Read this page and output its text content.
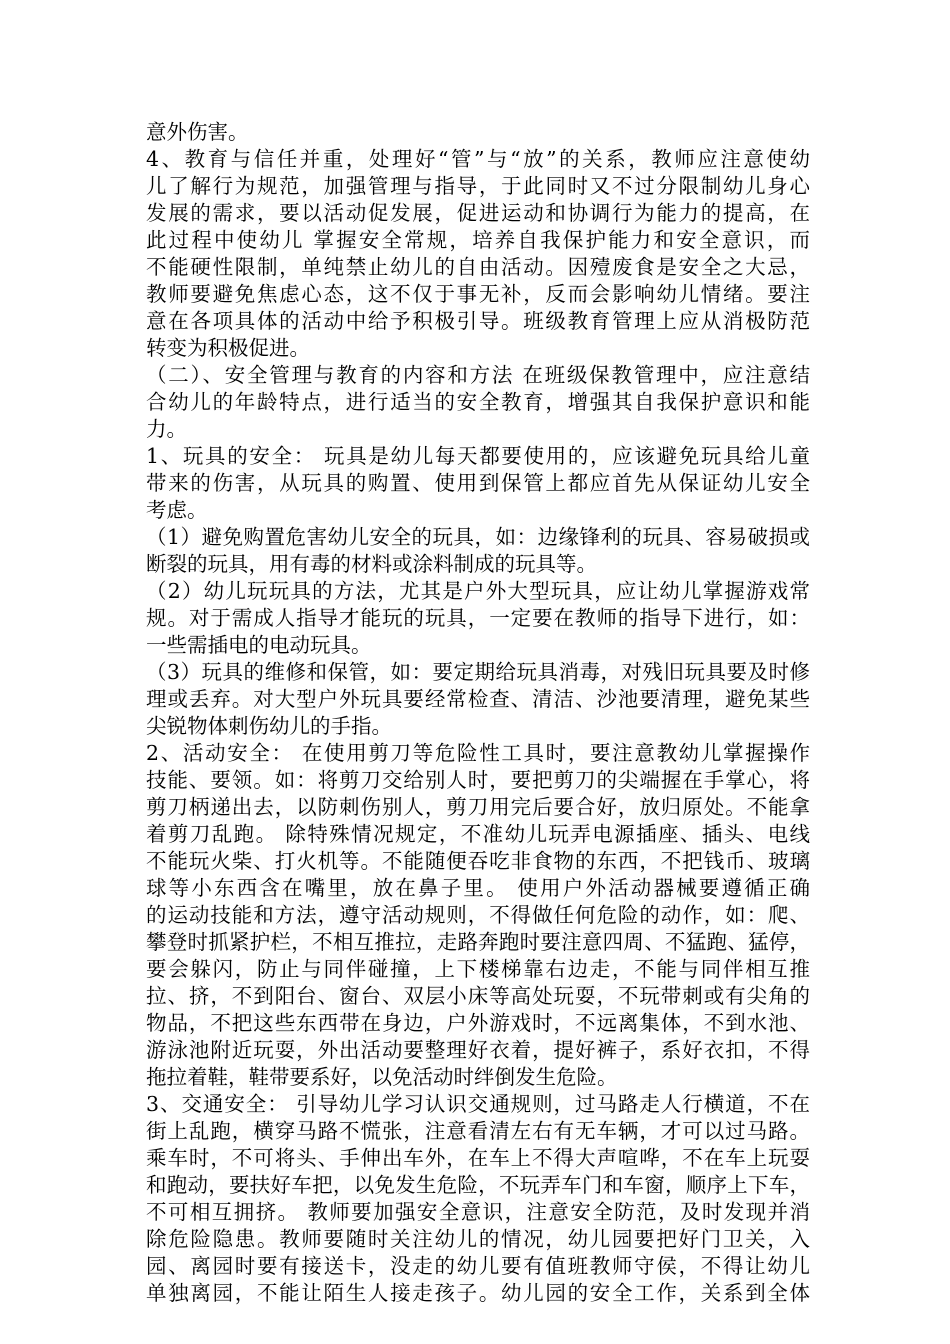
意外伤害。
4、教育与信任并重，处理好“管”与“放”的关系，教师应注意使幼
儿了解行为规范，加强管理与指导，于此同时又不过分限制幼儿身心
发展的需求，要以活动促发展，促进运动和协调行为能力的提高，在
此过程中使幼儿 掌握安全常规，培养自我保护能力和安全意识，而
不能硬性限制，单纯禁止幼儿的自由活动。因殪废食是安全之大忌，
教师要避免焦虑心态，这不仅于事无补，反而会影响幼儿情绪。要注
意在各项具体的活动中给予积极引导。班级教育管理上应从消极防范
转变为积极促进。
（二）、安全管理与教育的内容和方法 在班级保教管理中，应注意结
合幼儿的年龄特点，进行适当的安全教育，增强其自我保护意识和能
力。
1、玩具的安全： 玩具是幼儿每天都要使用的，应该避免玩具给儿童
带来的伤害，从玩具的购置、使用到保管上都应首先从保证幼儿安全
考虑。
（1）避免购置危害幼儿安全的玩具，如：边缘锋利的玩具、容易破损或
断裂的玩具，用有毒的材料或涂料制成的玩具等。
（2）幼儿玩玩具的方法，尤其是户外大型玩具，应让幼儿掌握游戏常
规。对于需成人指导才能玩的玩具，一定要在教师的指导下进行，如：
一些需插电的电动玩具。
（3）玩具的维修和保管，如：要定期给玩具消毒，对残旧玩具要及时修
理或丢弃。对大型户外玩具要经常检查、清洁、沙池要清理，避免某些
尖锐物体刺伤幼儿的手指。
2、活动安全： 在使用剪刀等危险性工具时，要注意教幼儿掌握操作
技能、要领。如：将剪刀交给别人时，要把剪刀的尖端握在手掌心，将
剪刀柄递出去，以防刺伤别人，剪刀用完后要合好，放归原处。不能拿
着剪刀乱跑。 除特殊情况规定，不准幼儿玩弄电源插座、插头、电线
不能玩火柴、打火机等。不能随便吞吃非食物的东西，不把钱币、玻璃
球等小东西含在嘴里，放在鼻子里。 使用户外活动器械要遵循正确
的运动技能和方法，遵守活动规则，不得做任何危险的动作，如：爬、
攀登时抓紧护栏，不相互推拉，走路奔跑时要注意四周、不猛跑、猛停，
要会躲闪，防止与同伴碰撞，上下楼梯靠右边走，不能与同伴相互推
拉、挤，不到阳台、窗台、双层小床等高处玩耍，不玩带刺或有尖角的
物品，不把这些东西带在身边，户外游戏时，不远离集体，不到水池、
游泳池附近玩耍，外出活动要整理好衣着，提好裤子，系好衣扣，不得
拖拉着鞋，鞋带要系好，以免活动时绊倒发生危险。
3、交通安全： 引导幼儿学习认识交通规则，过马路走人行横道，不在
街上乱跑，横穿马路不慌张，注意看清左右有无车辆，才可以过马路。
乘车时，不可将头、手伸出车外，在车上不得大声喧哗，不在车上玩耍
和跑动，要扶好车把，以免发生危险，不玩弄车门和车窗，顺序上下车，
不可相互拥挤。 教师要加强安全意识，注意安全防范，及时发现并消
除危险隐患。教师要随时关注幼儿的情况，幼儿园要把好门卫关，入
园、离园时要有接送卡，没走的幼儿要有值班教师守侯，不得让幼儿
单独离园，不能让陌生人接走孩子。幼儿园的安全工作，关系到全体
